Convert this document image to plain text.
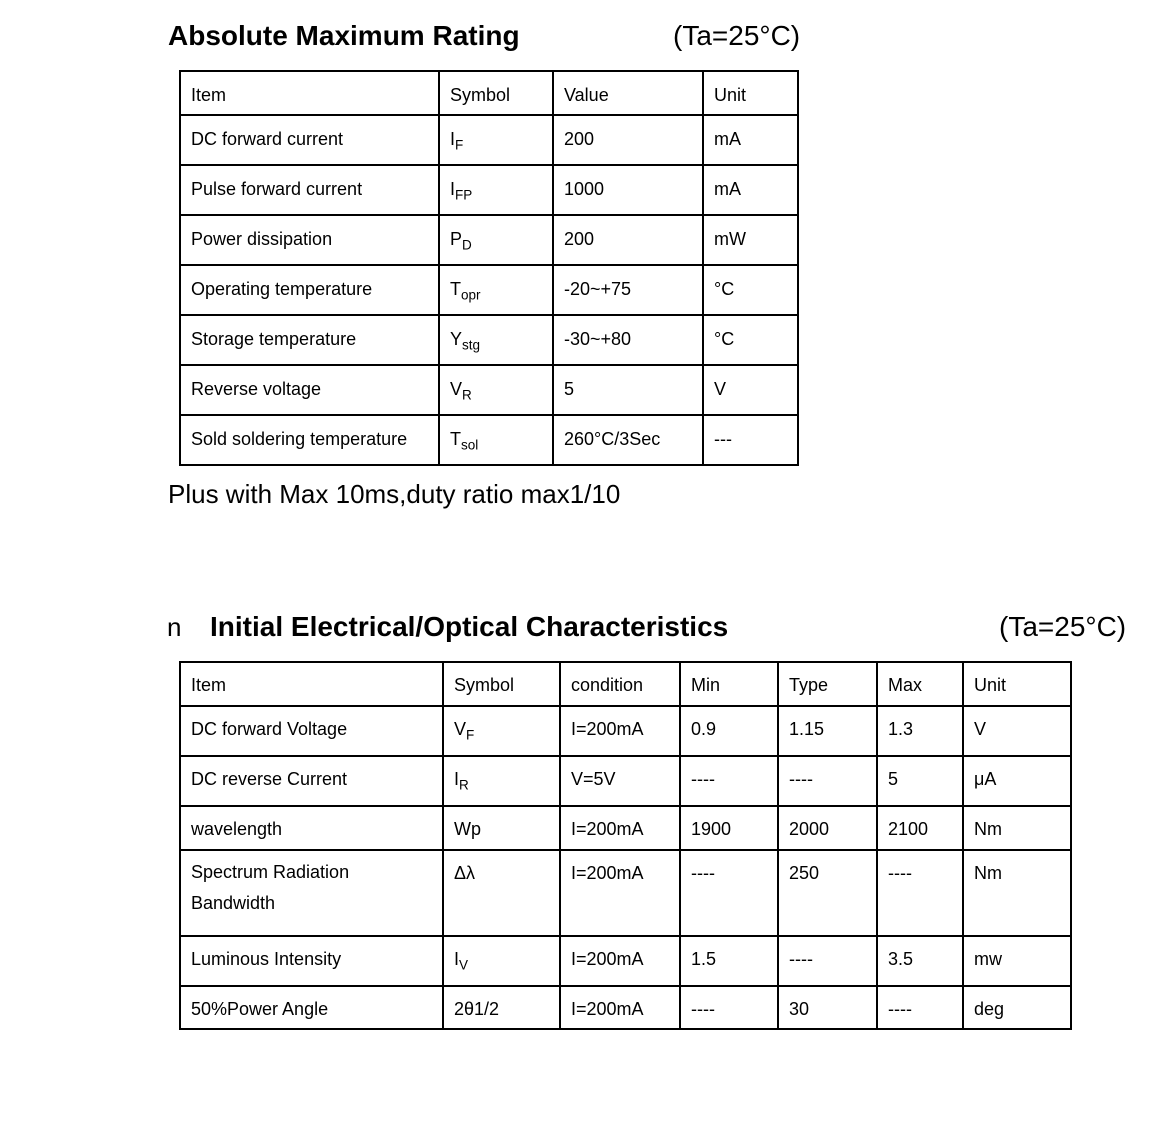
Absolute Maximum Rating	(Ta=25°C)
Item	Symbol	Value	Unit
DC forward current	$I_F$	200	mA
Pulse forward current	$I_{FP}$	1000	mA
Power dissipation	$P_D$	200	mW
Operating temperature	$T_{opr}$	-20~+75	°C
Storage temperature	$Y_{stg}$	-30~+80	°C
Reverse voltage	$V_R$	5	V
Sold soldering temperature	$T_{sol}$	260°C/3Sec	---
Plus with Max 10ms,duty ratio max1/10
n Initial Electrical/Optical Characteristics	(Ta=25°C)
Item	Symbol	condition	Min	Type	Max	Unit
DC forward Voltage	$V_F$	I=200mA	0.9	1.15	1.3	V
DC reverse Current	$I_R$	V=5V	----	----	5	μA
wavelength	Wp	I=200mA	1900	2000	2100	Nm

Spectrum Radiation
Bandwidth	Δλ	I=200mA	----	250	----	Nm
Luminous Intensity	$I_V$	I=200mA	1.5	----	3.5	mw
50%Power Angle	2θ1/2	I=200mA	----	30	----	deg
